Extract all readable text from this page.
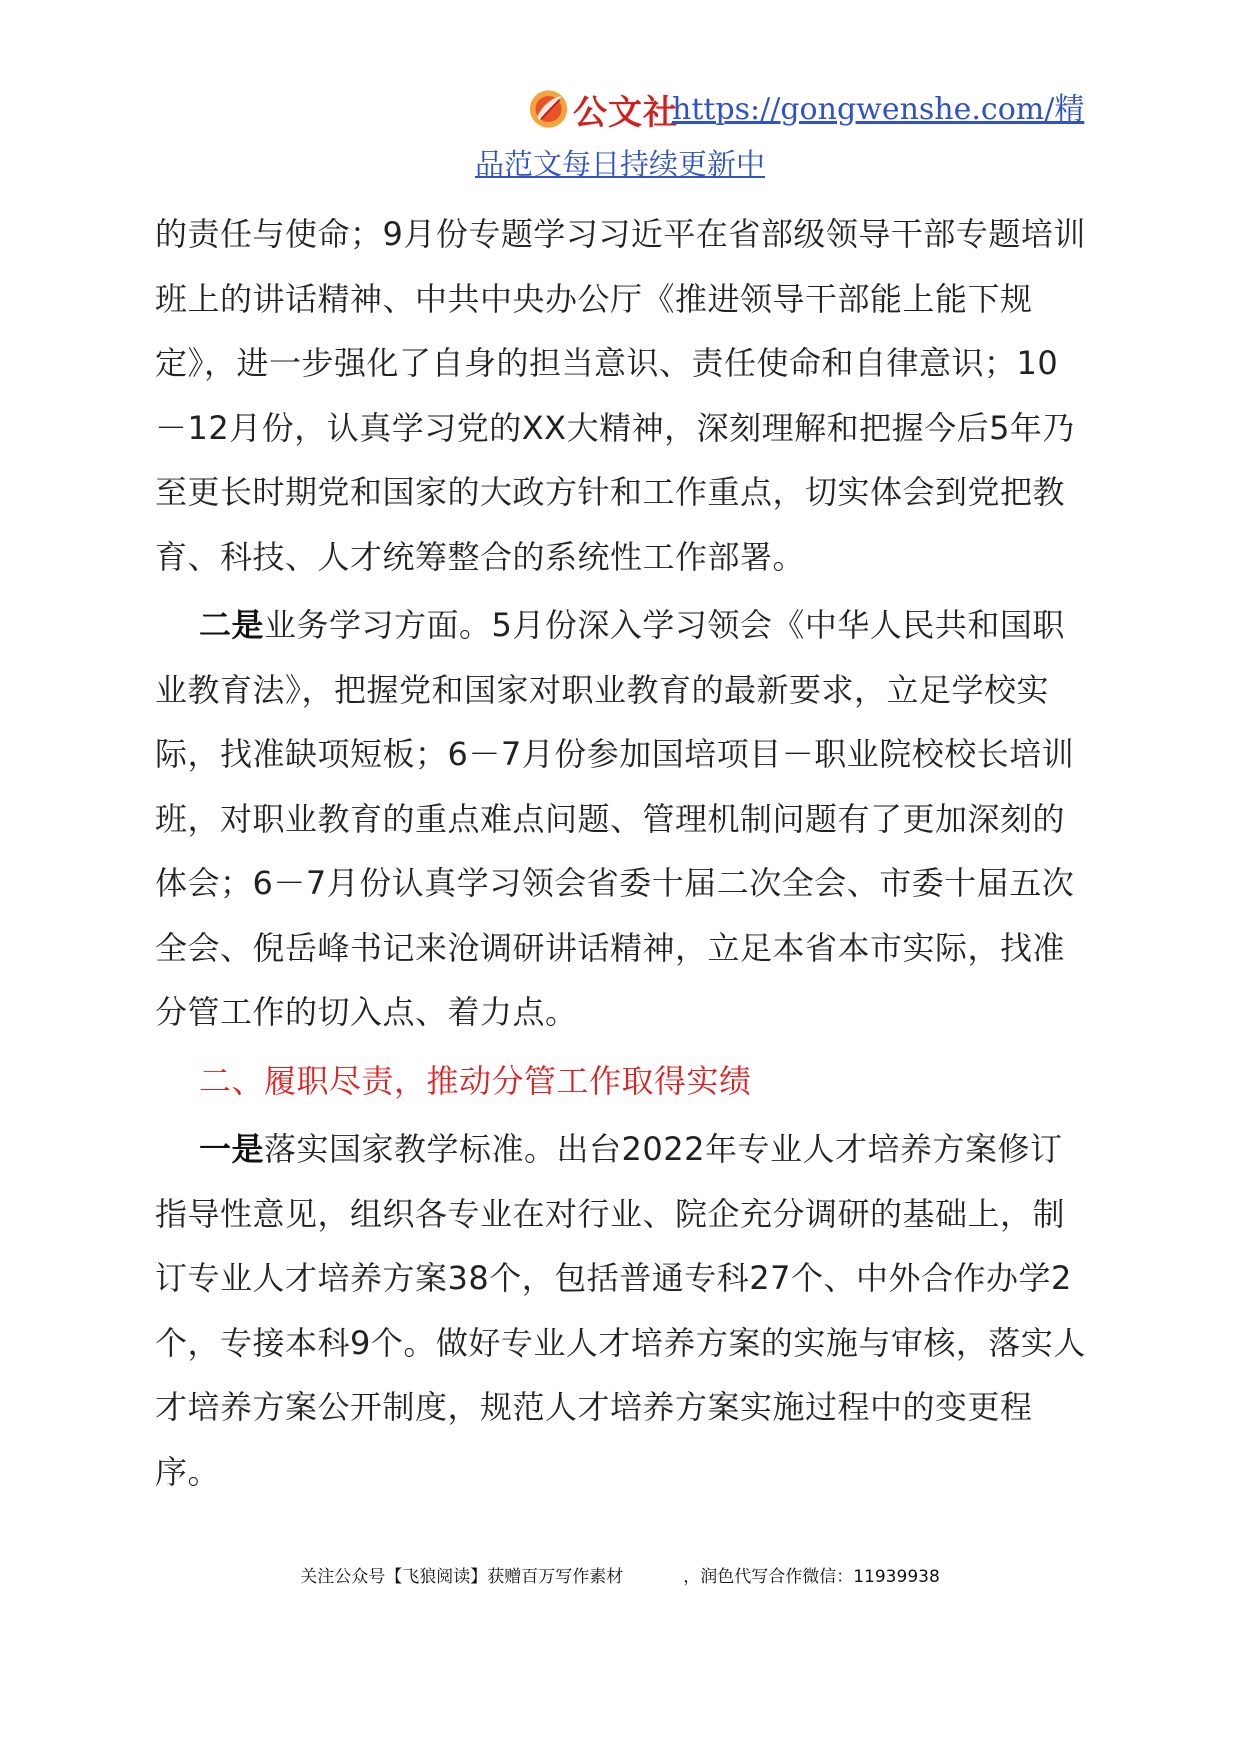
公文社
https://gongwenshe.com/精
品范文每日持续更新中

的责任与使命；9月份专题学习习近平在省部级领导干部专题培训班上的讲话精神、中共中央办公厅《推进领导干部能上能下规定》，进一步强化了自身的担当意识、责任使命和自律意识；10－12月份，认真学习党的XX大精神，深刻理解和把握今后5年乃至更长时期党和国家的大政方针和工作重点，切实体会到党把教育、科技、人才统筹整合的系统性工作部署。

二是业务学习方面。5月份深入学习领会《中华人民共和国职业教育法》，把握党和国家对职业教育的最新要求，立足学校实际，找准缺项短板；6－7月份参加国培项目－职业院校校长培训班，对职业教育的重点难点问题、管理机制问题有了更加深刻的体会；6－7月份认真学习领会省委十届二次全会、市委十届五次全会、倪岳峰书记来沧调研讲话精神，立足本省本市实际，找准分管工作的切入点、着力点。

二、履职尽责，推动分管工作取得实绩

一是落实国家教学标准。出台2022年专业人才培养方案修订指导性意见，组织各专业在对行业、院企充分调研的基础上，制订专业人才培养方案38个，包括普通专科27个、中外合作办学2个，专接本科9个。做好专业人才培养方案的实施与审核，落实人才培养方案公开制度，规范人才培养方案实施过程中的变更程序。

关注公众号【飞狼阅读】获赠百万写作素材	，润色代写合作微信：11939938
